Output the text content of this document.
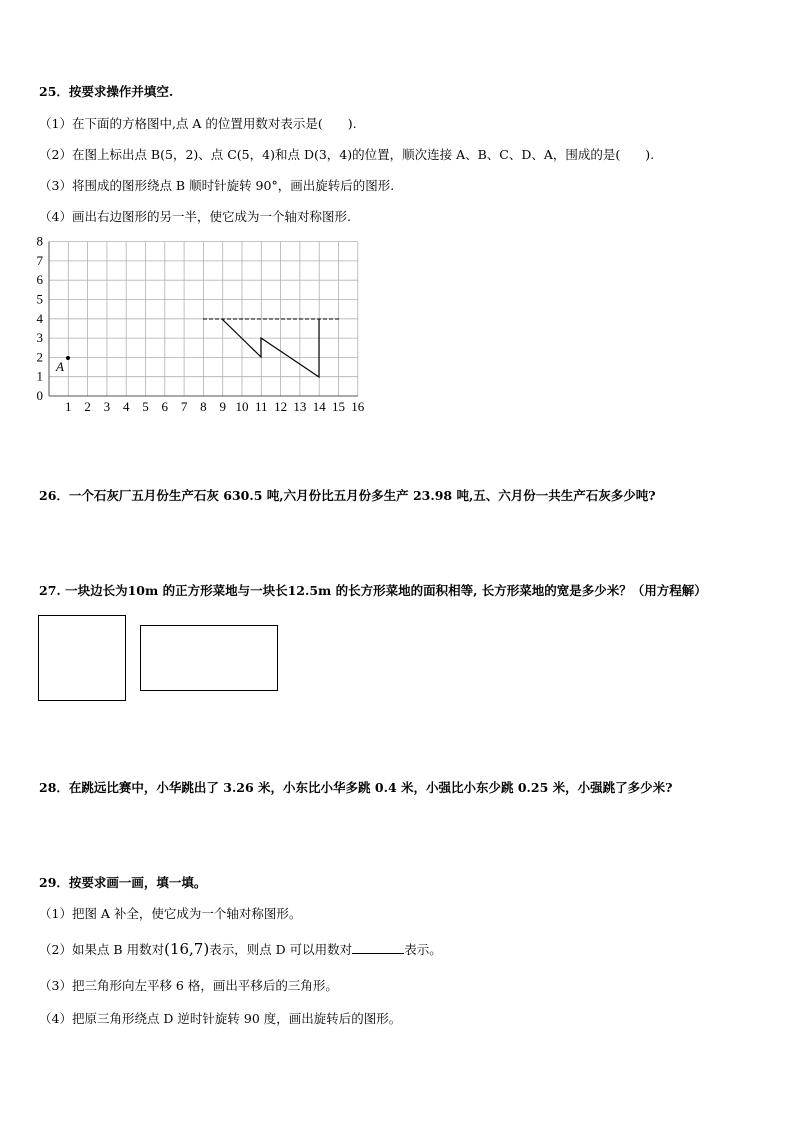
25．按要求操作并填空.
（1）在下面的方格图中,点 A 的位置用数对表示是(　　).
（2）在图上标出点 B(5，2)、点 C(5，4)和点 D(3，4)的位置，顺次连接 A、B、C、D、A，围成的是(　　).
（3）将围成的图形绕点 B 顺时针旋转 90°，画出旋转后的图形.
（4）画出右边图形的另一半，使它成为一个轴对称图形.
1 2 3 4 5 6 7 8 9 10 11 12 13 14 15 16
0
1
2
3
4
5
6
7
8
A
26．一个石灰厂五月份生产石灰 630.5 吨,六月份比五月份多生产 23.98 吨,五、六月份一共生产石灰多少吨?
27. 一块边长为10m 的正方形菜地与一块长12.5m 的长方形菜地的面积相等, 长方形菜地的宽是多少米？（用方程解）
28．在跳远比赛中，小华跳出了 3.26 米，小东比小华多跳 0.4 米，小强比小东少跳 0.25 米，小强跳了多少米?
29．按要求画一画，填一填。
（1）把图 A 补全，使它成为一个轴对称图形。
（2）如果点 B 用数对(16,7)表示，则点 D 可以用数对	表示。
（3）把三角形向左平移 6 格，画出平移后的三角形。
（4）把原三角形绕点 D 逆时针旋转 90 度，画出旋转后的图形。
